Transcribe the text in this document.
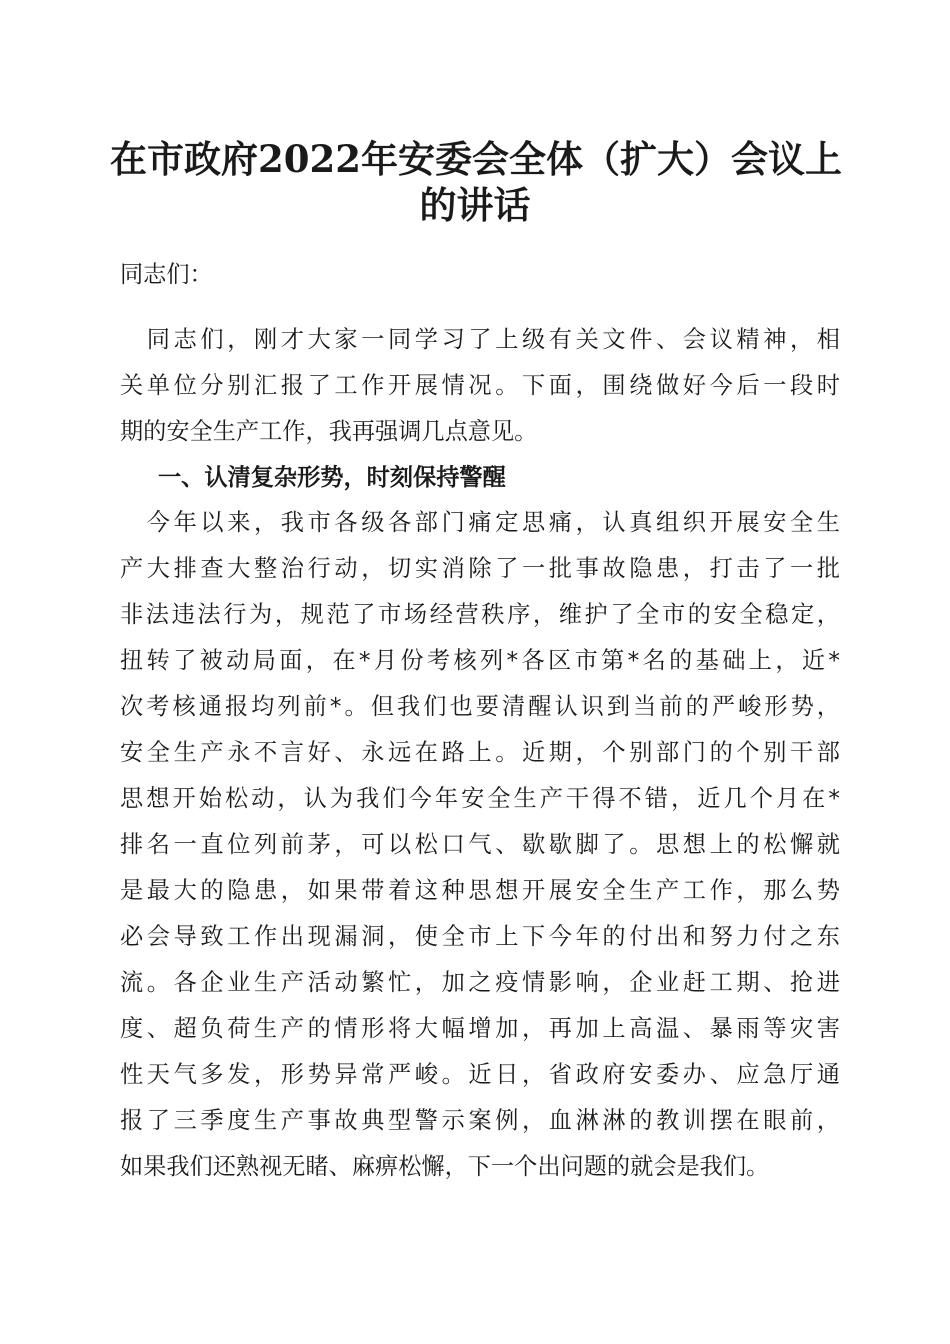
在市政府2022年安委会全体（扩大）会议上
的讲话

同志们：

　同志们，刚才大家一同学习了上级有关文件、会议精神，相
关单位分别汇报了工作开展情况。下面，围绕做好今后一段时
期的安全生产工作，我再强调几点意见。
一、认清复杂形势，时刻保持警醒
　今年以来，我市各级各部门痛定思痛，认真组织开展安全生
产大排查大整治行动，切实消除了一批事故隐患，打击了一批
非法违法行为，规范了市场经营秩序，维护了全市的安全稳定，
扭转了被动局面，在*月份考核列*各区市第*名的基础上，近*
次考核通报均列前*。但我们也要清醒认识到当前的严峻形势，
安全生产永不言好、永远在路上。近期，个别部门的个别干部
思想开始松动，认为我们今年安全生产干得不错，近几个月在*
排名一直位列前茅，可以松口气、歇歇脚了。思想上的松懈就
是最大的隐患，如果带着这种思想开展安全生产工作，那么势
必会导致工作出现漏洞，使全市上下今年的付出和努力付之东
流。各企业生产活动繁忙，加之疫情影响，企业赶工期、抢进
度、超负荷生产的情形将大幅增加，再加上高温、暴雨等灾害
性天气多发，形势异常严峻。近日，省政府安委办、应急厅通
报了三季度生产事故典型警示案例，血淋淋的教训摆在眼前，
如果我们还熟视无睹、麻痹松懈，下一个出问题的就会是我们。
